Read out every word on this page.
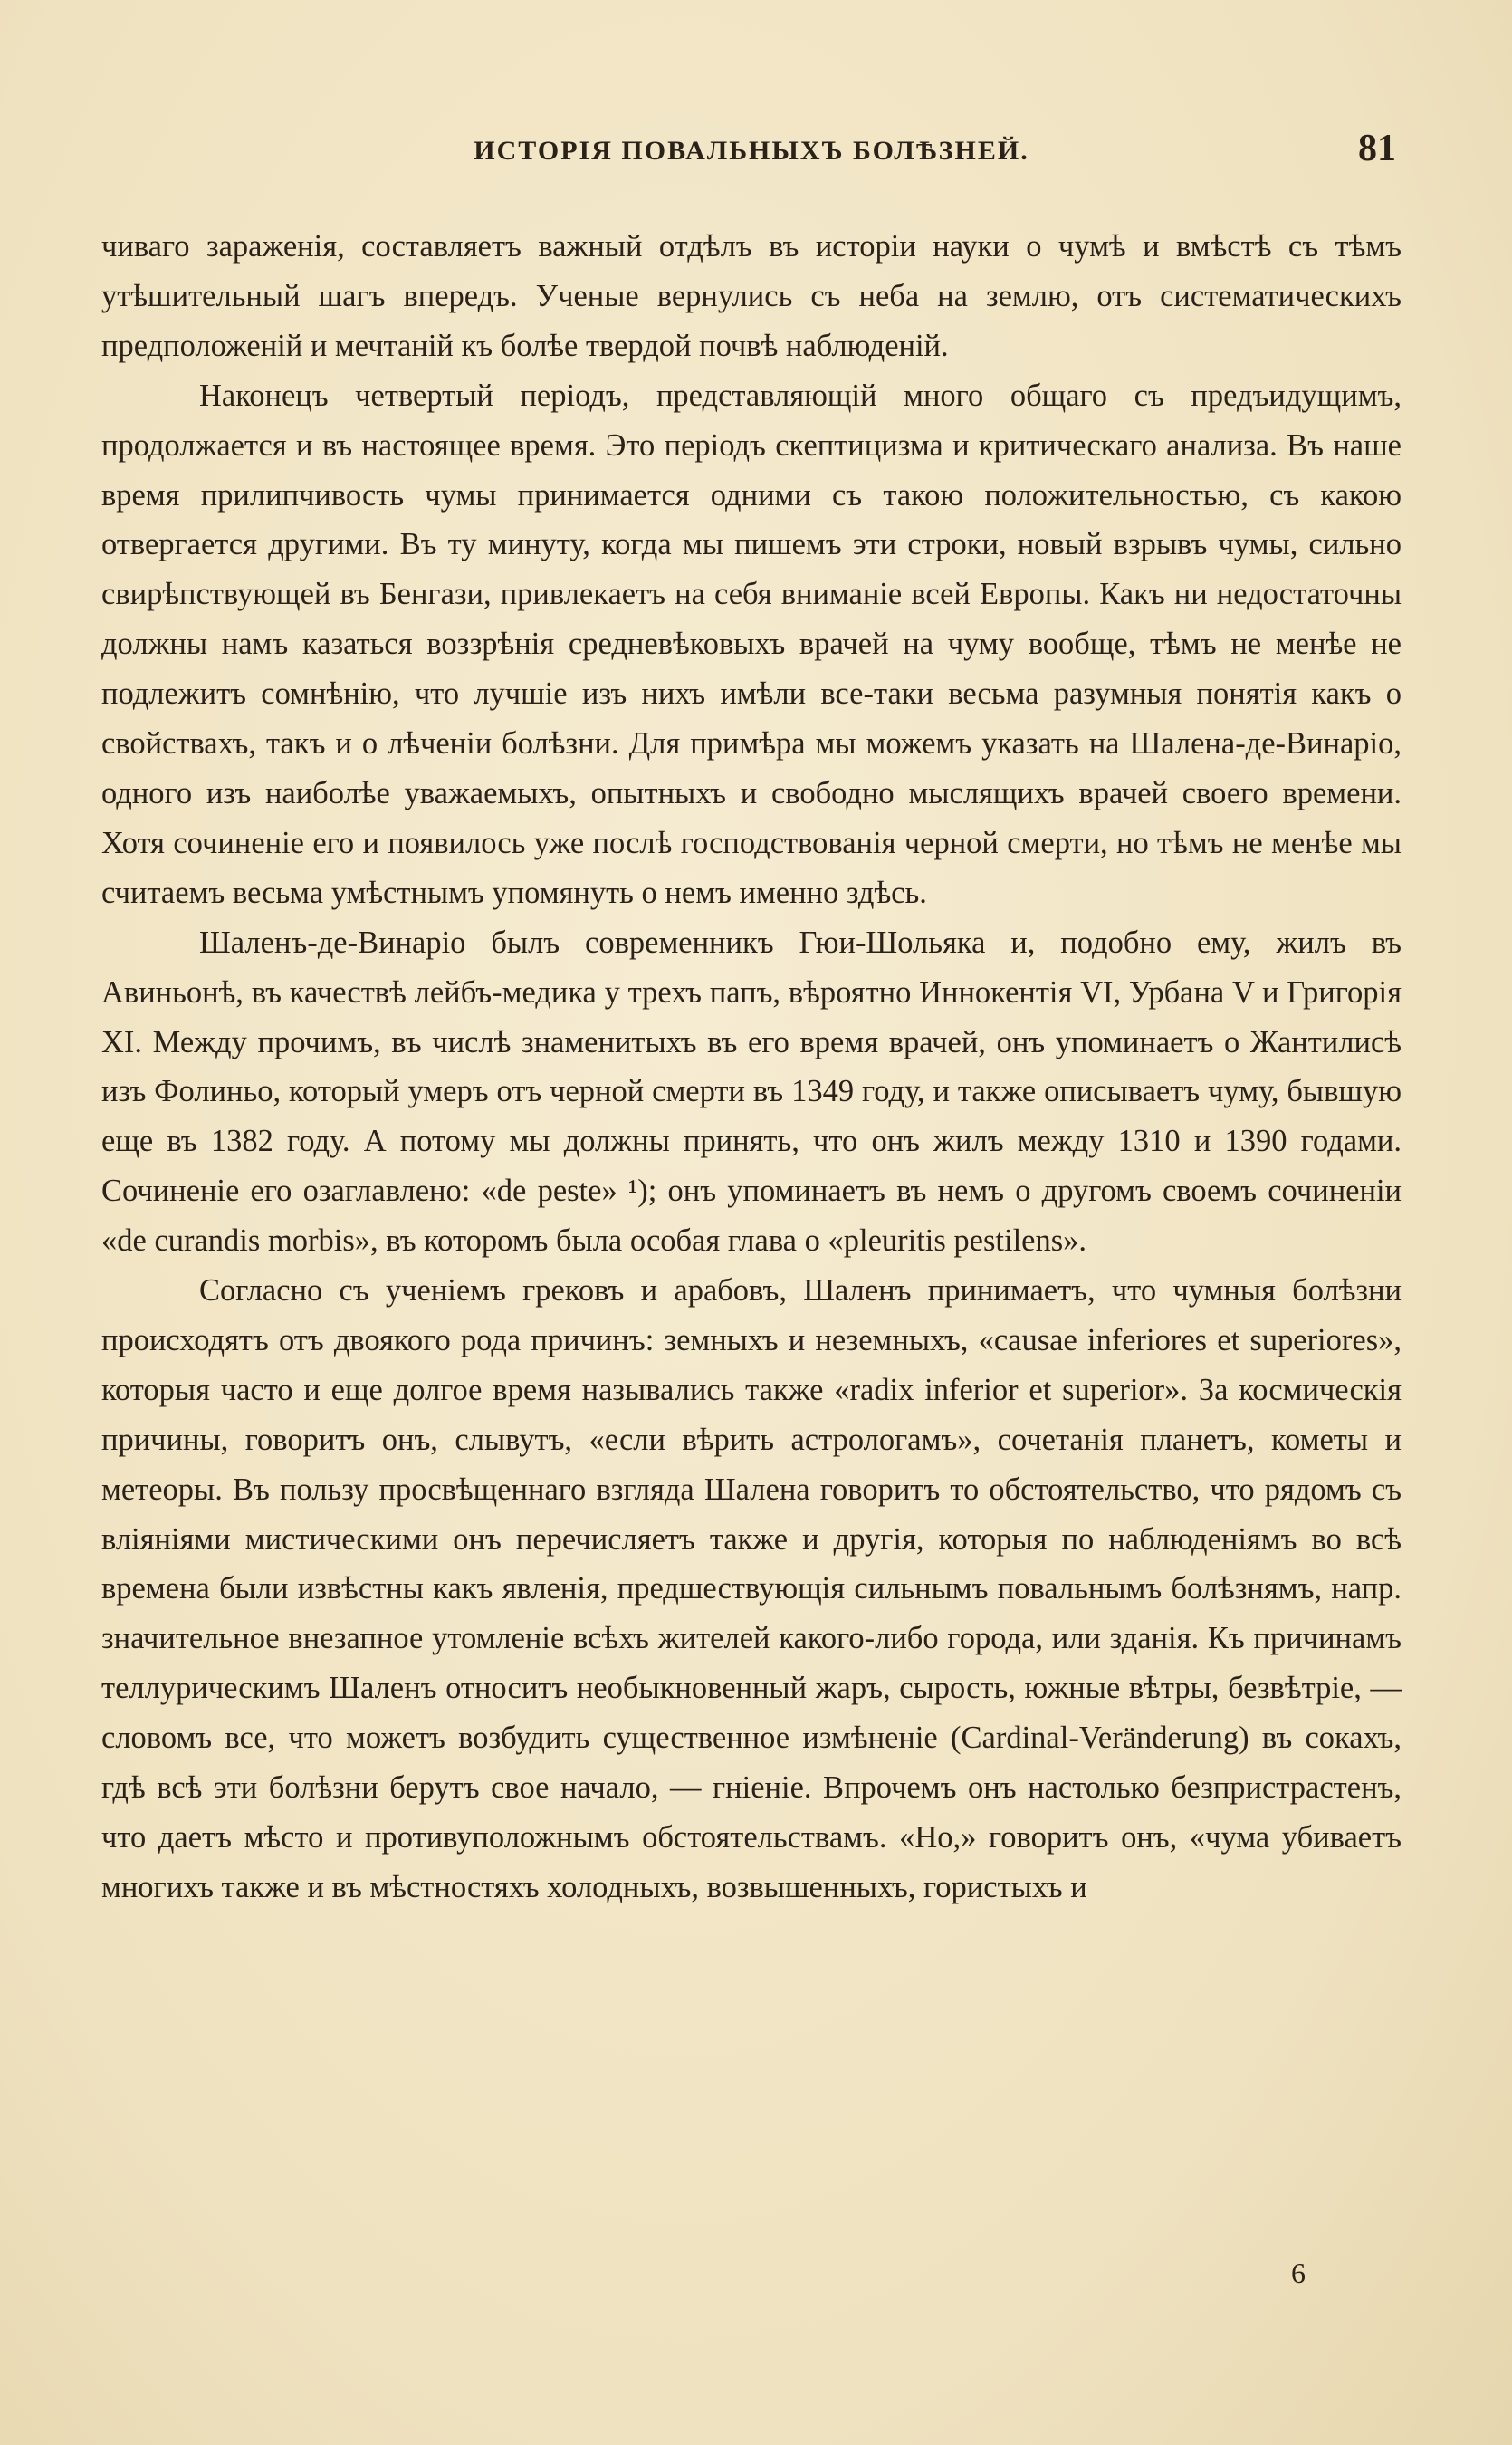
ИСТОРІЯ ПОВАЛЬНЫХЪ БОЛѢЗНЕЙ.	81

чиваго зараженія, составляетъ важный отдѣлъ въ исторіи науки о чумѣ и вмѣстѣ съ тѣмъ утѣшительный шагъ впередъ. Ученые вернулись съ неба на землю, отъ систематическихъ предположеній и мечтаній къ болѣе твердой почвѣ наблюденій.

Наконецъ четвертый періодъ, представляющій много общаго съ предъидущимъ, продолжается и въ настоящее время. Это періодъ скептицизма и критическаго анализа. Въ наше время прилипчивость чумы принимается одними съ такою положительностью, съ какою отвергается другими. Въ ту минуту, когда мы пишемъ эти строки, новый взрывъ чумы, сильно свирѣпствующей въ Бенгази, привлекаетъ на себя вниманіе всей Европы. Какъ ни недостаточны должны намъ казаться воззрѣнія средневѣковыхъ врачей на чуму вообще, тѣмъ не менѣе не подлежитъ сомнѣнію, что лучшіе изъ нихъ имѣли все-таки весьма разумныя понятія какъ о свойствахъ, такъ и о лѣченіи болѣзни. Для примѣра мы можемъ указать на Шалена-де-Винаріо, одного изъ наиболѣе уважаемыхъ, опытныхъ и свободно мыслящихъ врачей своего времени. Хотя сочиненіе его и появилось уже послѣ господствованія черной смерти, но тѣмъ не менѣе мы считаемъ весьма умѣстнымъ упомянуть о немъ именно здѣсь.

Шаленъ-де-Винаріо былъ современникъ Гюи-Шольяка и, подобно ему, жилъ въ Авиньонѣ, въ качествѣ лейбъ-медика у трехъ папъ, вѣроятно Иннокентія VI, Урбана V и Григорія XI. Между прочимъ, въ числѣ знаменитыхъ въ его время врачей, онъ упоминаетъ о Жантилисѣ изъ Фолиньо, который умеръ отъ черной смерти въ 1349 году, и также описываетъ чуму, бывшую еще въ 1382 году. А потому мы должны принять, что онъ жилъ между 1310 и 1390 годами. Сочиненіе его озаглавлено: «de peste» ¹); онъ упоминаетъ въ немъ о другомъ своемъ сочиненіи «de curandis morbis», въ которомъ была особая глава о «pleuritis pestilens».

Согласно съ ученіемъ грековъ и арабовъ, Шаленъ принимаетъ, что чумныя болѣзни происходятъ отъ двоякого рода причинъ: земныхъ и неземныхъ, «causae inferiores et superiores», которыя часто и еще долгое время назывались также «radix inferior et superior». За космическія причины, говоритъ онъ, слывутъ, «если вѣрить астрологамъ», сочетанія планетъ, кометы и метеоры. Въ пользу просвѣщеннаго взгляда Шалена говоритъ то обстоятельство, что рядомъ съ вліяніями мистическими онъ перечисляетъ также и другія, которыя по наблюденіямъ во всѣ времена были извѣстны какъ явленія, предшествующія сильнымъ повальнымъ болѣзнямъ, напр. значительное внезапное утомленіе всѣхъ жителей какого-либо города, или зданія. Къ причинамъ теллурическимъ Шаленъ относитъ необыкновенный жаръ, сырость, южные вѣтры, безвѣтріе, — словомъ все, что можетъ возбудить существенное измѣненіе (Cardinal-Veränderung) въ сокахъ, гдѣ всѣ эти болѣзни берутъ свое начало, — гніеніе. Впрочемъ онъ настолько безпристрастенъ, что даетъ мѣсто и противуположнымъ обстоятельствамъ. «Но,» говоритъ онъ, «чума убиваетъ многихъ также и въ мѣстностяхъ холодныхъ, возвышенныхъ, гористыхъ и

6
